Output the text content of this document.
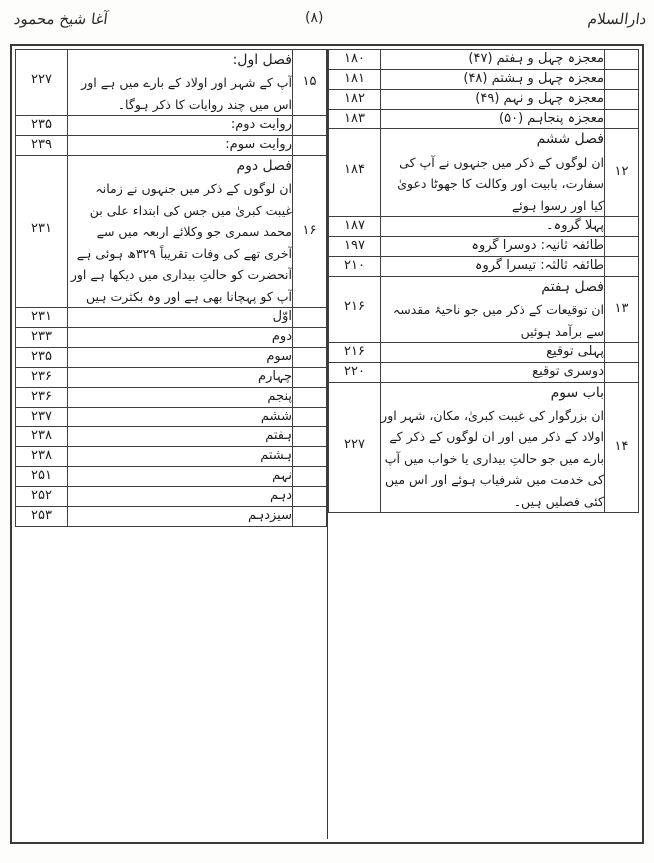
دارالسلام
(۸)
آغا شیخ محمود
	معجزہ چہل و ہفتم (۴۷)	۱۸۰

	معجزہ چہل و ہشتم (۴۸)	۱۸۱

	معجزہ چہل و نہم (۴۹)	۱۸۲

	معجزہ پنجاہم (۵۰)	۱۸۳

۱۲	فصل ششم
ان لوگوں کے ذکر میں جنہوں نے آپ کی سفارت، بابیت اور وکالت کا جھوٹا دعویٰ کیا اور رسوا ہوئے	۱۸۴

	پہلا گروہ۔	۱۸۷

	طائفہ ثانیہ: دوسرا گروہ	۱۹۷

	طائفہ ثالثہ: تیسرا گروہ	۲۱۰

۱۳	فصل ہفتم
ان توقیعات کے ذکر میں جو ناحیۂ مقدسہ سے برآمد ہوئیں	۲۱۶

	پہلی توقیع	۲۱۶

	دوسری توقیع	۲۲۰

۱۴	باب سوم
ان بزرگوار کی غیبت کبریٰ، مکان، شہر اور اولاد کے ذکر میں اور ان لوگوں کے ذکر کے بارے میں جو حالتِ بیداری یا خواب میں آپ کی خدمت میں شرفیاب ہوئے اور اس میں کئی فصلیں ہیں۔	۲۲۷
۱۵	فصل اول:
آپ کے شہر اور اولاد کے بارے میں ہے اور اس میں چند روایات کا ذکر ہوگا۔	۲۲۷

	روایت دوم:	۲۳۵

	روایت سوم:	۲۳۹

۱۶	فصل دوم
ان لوگوں کے ذکر میں جنہوں نے زمانہ غیبت کبریٰ میں جس کی ابتداء علی بن محمد سمری جو وکلائے اربعہ میں سے آخری تھے کی وفات تقریباً ۳۲۹ھ ہوئی ہے آنحضرت کو حالتِ بیداری میں دیکھا ہے اور آپ کو پہچانا بھی ہے اور وہ بکثرت ہیں	۲۳۱

	اوّل	۲۳۱

	دوم	۲۳۳

	سوم	۲۳۵

	چہارم	۲۳۶

	پنجم	۲۳۶

	ششم	۲۳۷

	ہفتم	۲۳۸

	ہشتم	۲۳۸

	نہم	۲۵۱

	دہم	۲۵۲

	سیزدہم	۲۵۳
